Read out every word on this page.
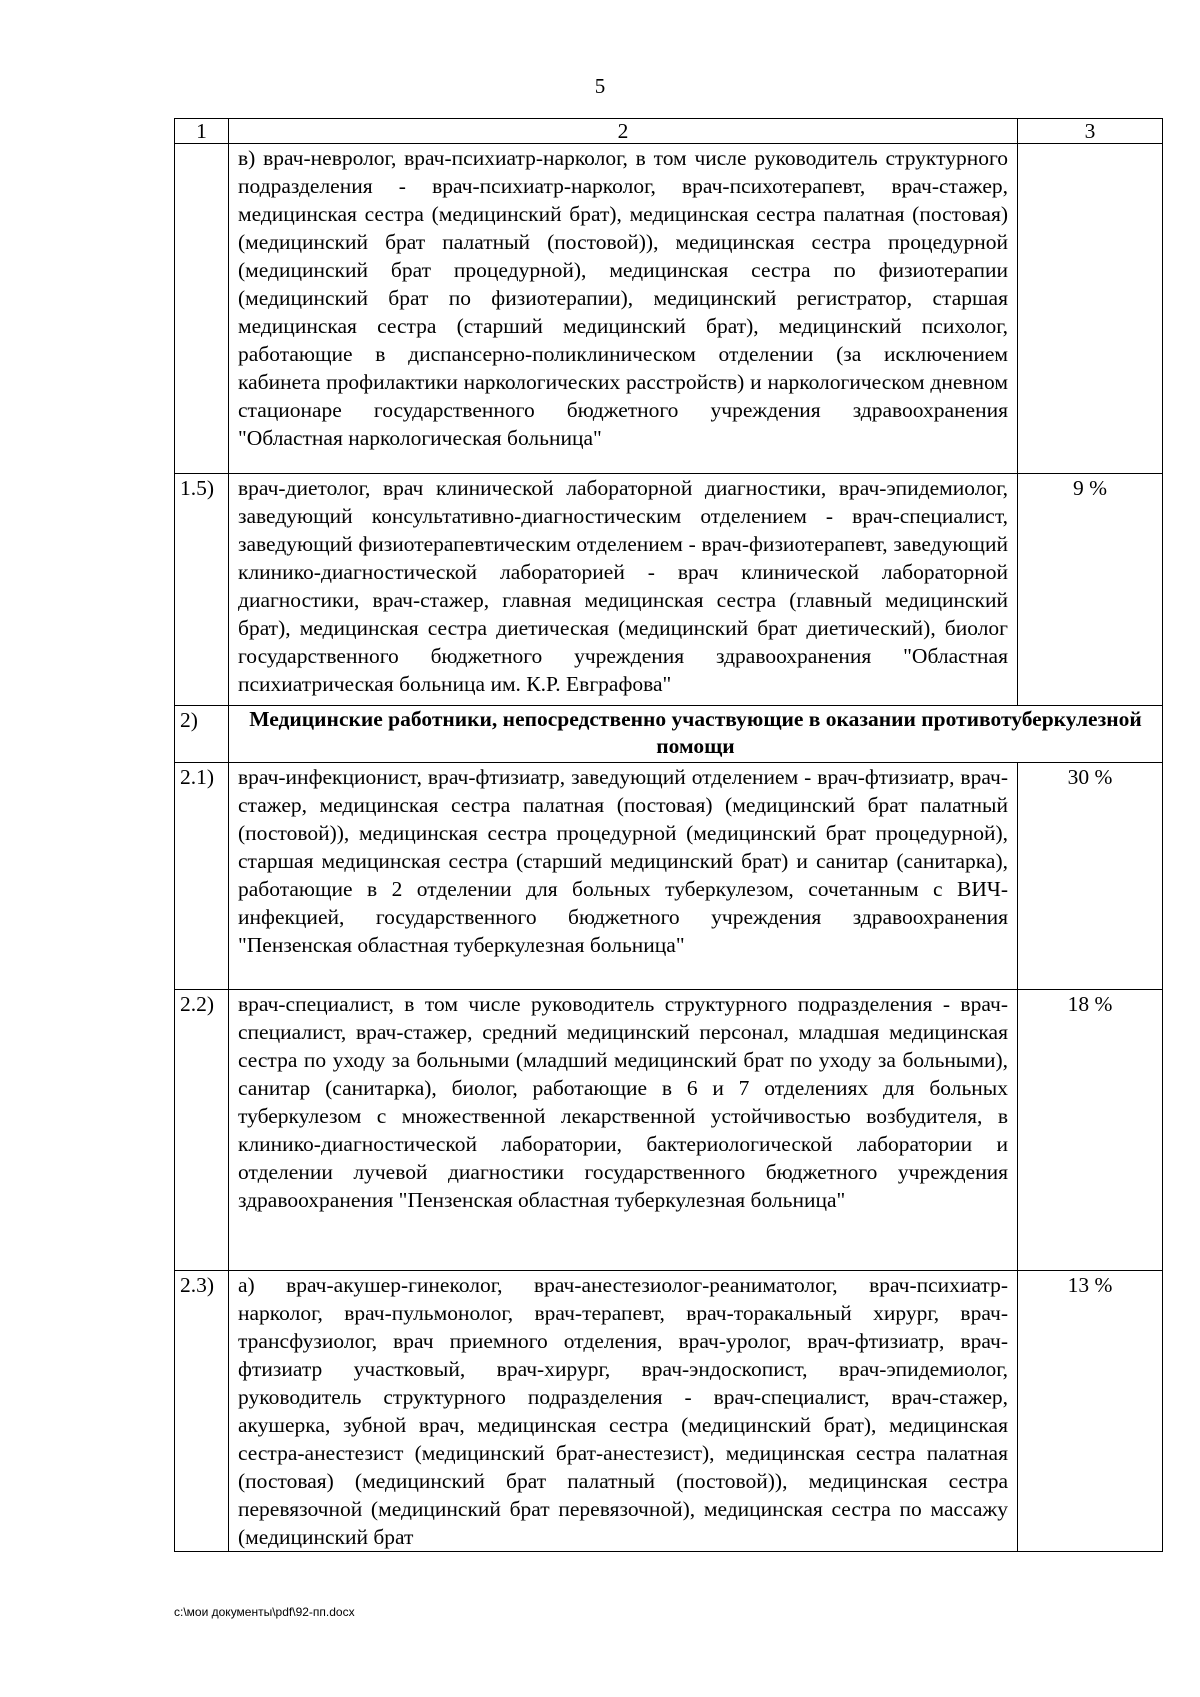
5
1	2	3
	в) врач-невролог, врач-психиатр-нарколог, в том числе руководитель структурного подразделения - врач-психиатр-нарколог, врач-психотерапевт, врач-стажер, медицинская сестра (медицинский брат), медицинская сестра палатная (постовая) (медицинский брат палатный (постовой)), медицинская сестра процедурной (медицинский брат процедурной), медицинская сестра по физиотерапии (медицинский брат по физиотерапии), медицинский регистратор, старшая медицинская сестра (старший медицинский брат), медицинский психолог, работающие в диспансерно-поликлиническом отделении (за исключением кабинета профилактики наркологических расстройств) и наркологическом дневном стационаре государственного бюджетного учреждения здравоохранения "Областная наркологическая больница"	
1.5)	врач-диетолог, врач клинической лабораторной диагностики, врач-эпидемиолог, заведующий консультативно-диагностическим отделением - врач-специалист, заведующий физиотерапевтическим отделением - врач-физиотерапевт, заведующий клинико-диагностической лабораторией - врач клинической лабораторной диагностики, врач-стажер, главная медицинская сестра (главный медицинский брат), медицинская сестра диетическая (медицинский брат диетический), биолог государственного бюджетного учреждения здравоохранения "Областная психиатрическая больница им. К.Р. Евграфова"	9 %
2)	Медицинские работники, непосредственно участвующие в оказании противотуберкулезной помощи	
2.1)	врач-инфекционист, врач-фтизиатр, заведующий отделением - врач-фтизиатр, врач-стажер, медицинская сестра палатная (постовая) (медицинский брат палатный (постовой)), медицинская сестра процедурной (медицинский брат процедурной), старшая медицинская сестра (старший медицинский брат) и санитар (санитарка), работающие в 2 отделении для больных туберкулезом, сочетанным с ВИЧ-инфекцией, государственного бюджетного учреждения здравоохранения "Пензенская областная туберкулезная больница"	30 %
2.2)	врач-специалист, в том числе руководитель структурного подразделения - врач-специалист, врач-стажер, средний медицинский персонал, младшая медицинская сестра по уходу за больными (младший медицинский брат по уходу за больными), санитар (санитарка), биолог, работающие в 6 и 7 отделениях для больных туберкулезом с множественной лекарственной устойчивостью возбудителя, в клинико-диагностической лаборатории, бактериологической лаборатории и отделении лучевой диагностики государственного бюджетного учреждения здравоохранения "Пензенская областная туберкулезная больница"	18 %
2.3)	а) врач-акушер-гинеколог, врач-анестезиолог-реаниматолог, врач-психиатр-нарколог, врач-пульмонолог, врач-терапевт, врач-торакальный хирург, врач-трансфузиолог, врач приемного отделения, врач-уролог, врач-фтизиатр, врач-фтизиатр участковый, врач-хирург, врач-эндоскопист, врач-эпидемиолог, руководитель структурного подразделения - врач-специалист, врач-стажер, акушерка, зубной врач, медицинская сестра (медицинский брат), медицинская сестра-анестезист (медицинский брат-анестезист), медицинская сестра палатная (постовая) (медицинский брат палатный (постовой)), медицинская сестра перевязочной (медицинский брат перевязочной), медицинская сестра по массажу (медицинский брат	13 %
c:\мои документы\pdf\92-пп.docx
